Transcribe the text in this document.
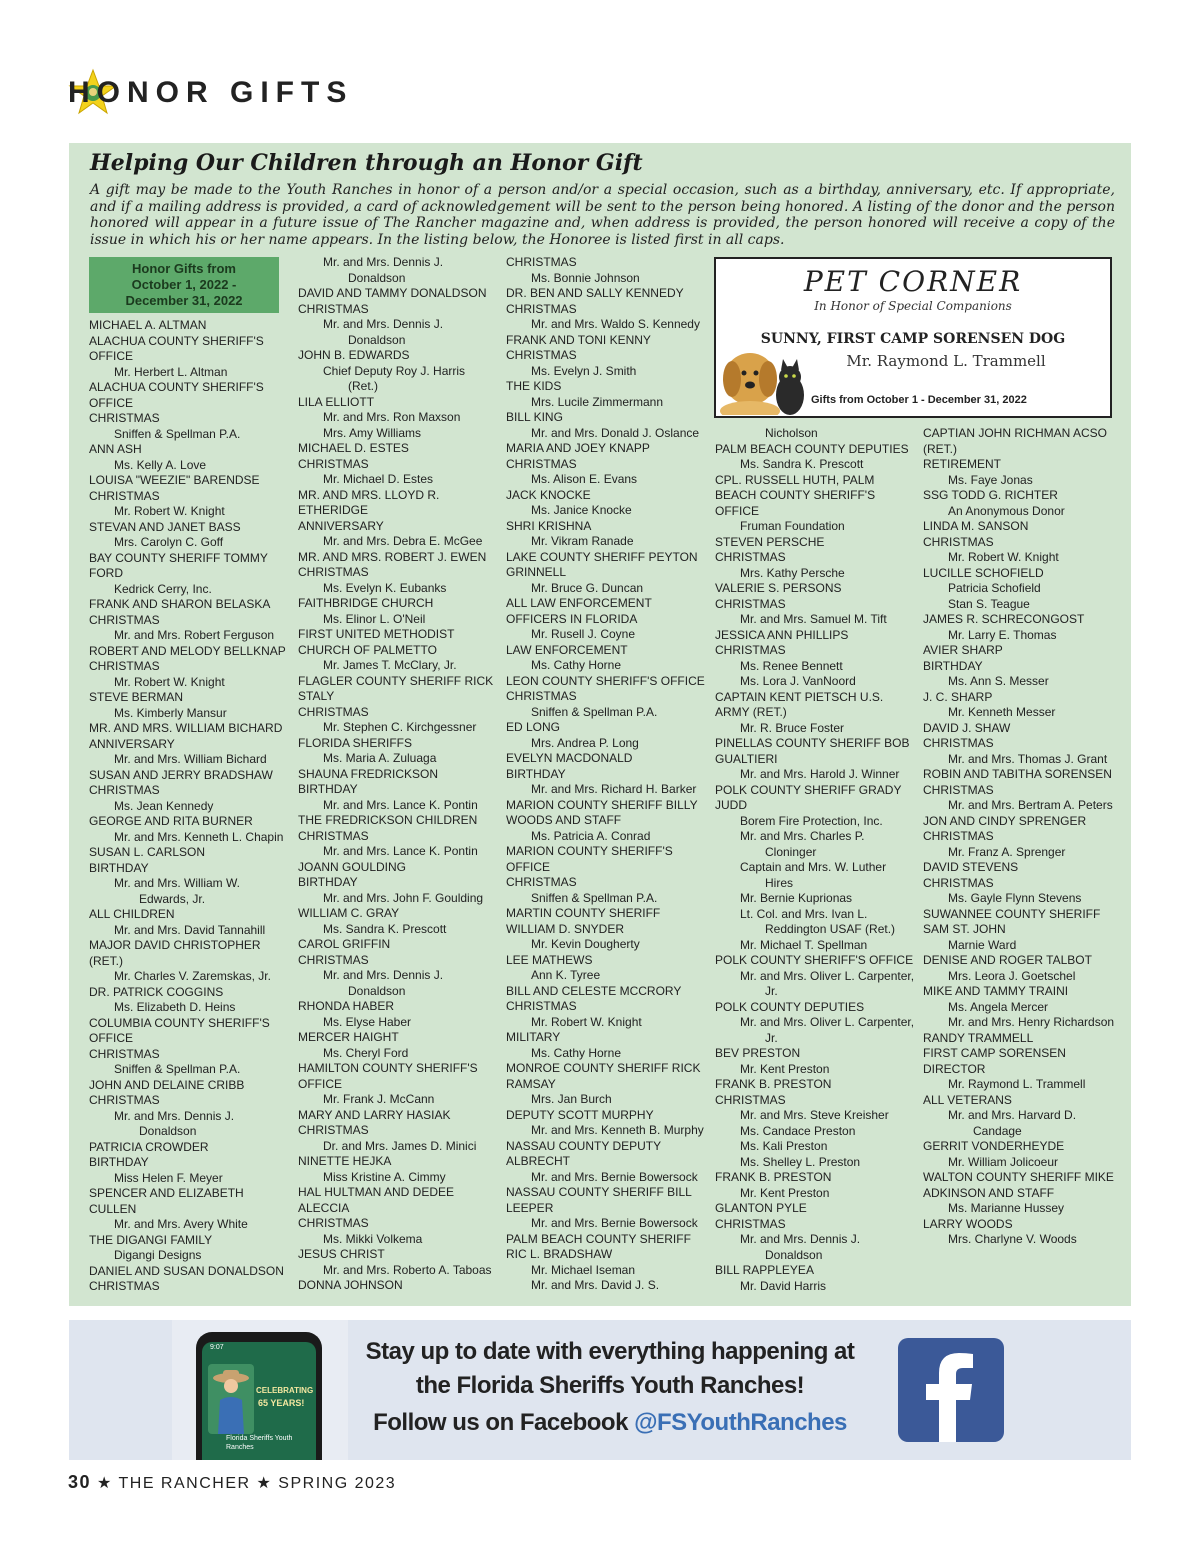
HONOR GIFTS
Helping Our Children through an Honor Gift
A gift may be made to the Youth Ranches in honor of a person and/or a special occasion, such as a birthday, anniversary, etc. If appropriate, and if a mailing address is provided, a card of acknowledgement will be sent to the person being honored. A listing of the donor and the person honored will appear in a future issue of The Rancher magazine and, when address is provided, the person honored will receive a copy of the issue in which his or her name appears. In the listing below, the Honoree is listed first in all caps.
Honor Gifts from
October 1, 2022 -
December 31, 2022
MICHAEL A. ALTMAN
ALACHUA COUNTY SHERIFF'S
OFFICE
Mr. Herbert L. Altman
ALACHUA COUNTY SHERIFF'S
OFFICE
CHRISTMAS
Sniffen & Spellman P.A.
ANN ASH
Ms. Kelly A. Love
LOUISA "WEEZIE" BARENDSE
CHRISTMAS
Mr. Robert W. Knight
STEVAN AND JANET BASS
Mrs. Carolyn C. Goff
BAY COUNTY SHERIFF TOMMY
FORD
Kedrick Cerry, Inc.
FRANK AND SHARON BELASKA
CHRISTMAS
Mr. and Mrs. Robert Ferguson
ROBERT AND MELODY BELLKNAP
CHRISTMAS
Mr. Robert W. Knight
STEVE BERMAN
Ms. Kimberly Mansur
MR. AND MRS. WILLIAM BICHARD
ANNIVERSARY
Mr. and Mrs. William Bichard
SUSAN AND JERRY BRADSHAW
CHRISTMAS
Ms. Jean Kennedy
GEORGE AND RITA BURNER
Mr. and Mrs. Kenneth L. Chapin
SUSAN L. CARLSON
BIRTHDAY
Mr. and Mrs. William W.
Edwards, Jr.
ALL CHILDREN
Mr. and Mrs. David Tannahill
MAJOR DAVID CHRISTOPHER
(RET.)
Mr. Charles V. Zaremskas, Jr.
DR. PATRICK COGGINS
Ms. Elizabeth D. Heins
COLUMBIA COUNTY SHERIFF'S
OFFICE
CHRISTMAS
Sniffen & Spellman P.A.
JOHN AND DELAINE CRIBB
CHRISTMAS
Mr. and Mrs. Dennis J.
Donaldson
PATRICIA CROWDER
BIRTHDAY
Miss Helen F. Meyer
SPENCER AND ELIZABETH
CULLEN
Mr. and Mrs. Avery White
THE DIGANGI FAMILY
Digangi Designs
DANIEL AND SUSAN DONALDSON
CHRISTMAS
Mr. and Mrs. Dennis J.
Donaldson
DAVID AND TAMMY DONALDSON
CHRISTMAS
Mr. and Mrs. Dennis J.
Donaldson
JOHN B. EDWARDS
Chief Deputy Roy J. Harris
(Ret.)
LILA ELLIOTT
Mr. and Mrs. Ron Maxson
Mrs. Amy Williams
MICHAEL D. ESTES
CHRISTMAS
Mr. Michael D. Estes
MR. AND MRS. LLOYD R.
ETHERIDGE
ANNIVERSARY
Mr. and Mrs. Debra E. McGee
MR. AND MRS. ROBERT J. EWEN
CHRISTMAS
Ms. Evelyn K. Eubanks
FAITHBRIDGE CHURCH
Ms. Elinor L. O'Neil
FIRST UNITED METHODIST
CHURCH OF PALMETTO
Mr. James T. McClary, Jr.
FLAGLER COUNTY SHERIFF RICK
STALY
CHRISTMAS
Mr. Stephen C. Kirchgessner
FLORIDA SHERIFFS
Ms. Maria A. Zuluaga
SHAUNA FREDRICKSON
BIRTHDAY
Mr. and Mrs. Lance K. Pontin
THE FREDRICKSON CHILDREN
CHRISTMAS
Mr. and Mrs. Lance K. Pontin
JOANN GOULDING
BIRTHDAY
Mr. and Mrs. John F. Goulding
WILLIAM C. GRAY
Ms. Sandra K. Prescott
CAROL GRIFFIN
CHRISTMAS
Mr. and Mrs. Dennis J.
Donaldson
RHONDA HABER
Ms. Elyse Haber
MERCER HAIGHT
Ms. Cheryl Ford
HAMILTON COUNTY SHERIFF'S
OFFICE
Mr. Frank J. McCann
MARY AND LARRY HASIAK
CHRISTMAS
Dr. and Mrs. James D. Minici
NINETTE HEJKA
Miss Kristine A. Cimmy
HAL HULTMAN AND DEDEE
ALECCIA
CHRISTMAS
Ms. Mikki Volkema
JESUS CHRIST
Mr. and Mrs. Roberto A. Taboas
DONNA JOHNSON
CHRISTMAS
Ms. Bonnie Johnson
DR. BEN AND SALLY KENNEDY
CHRISTMAS
Mr. and Mrs. Waldo S. Kennedy
FRANK AND TONI KENNY
CHRISTMAS
Ms. Evelyn J. Smith
THE KIDS
Mrs. Lucile Zimmermann
BILL KING
Mr. and Mrs. Donald J. Oslance
MARIA AND JOEY KNAPP
CHRISTMAS
Ms. Alison E. Evans
JACK KNOCKE
Ms. Janice Knocke
SHRI KRISHNA
Mr. Vikram Ranade
LAKE COUNTY SHERIFF PEYTON
GRINNELL
Mr. Bruce G. Duncan
ALL LAW ENFORCEMENT
OFFICERS IN FLORIDA
Mr. Rusell J. Coyne
LAW ENFORCEMENT
Ms. Cathy Horne
LEON COUNTY SHERIFF'S OFFICE
CHRISTMAS
Sniffen & Spellman P.A.
ED LONG
Mrs. Andrea P. Long
EVELYN MACDONALD
BIRTHDAY
Mr. and Mrs. Richard H. Barker
MARION COUNTY SHERIFF BILLY
WOODS AND STAFF
Ms. Patricia A. Conrad
MARION COUNTY SHERIFF'S
OFFICE
CHRISTMAS
Sniffen & Spellman P.A.
MARTIN COUNTY SHERIFF
WILLIAM D. SNYDER
Mr. Kevin Dougherty
LEE MATHEWS
Ann K. Tyree
BILL AND CELESTE MCCRORY
CHRISTMAS
Mr. Robert W. Knight
MILITARY
Ms. Cathy Horne
MONROE COUNTY SHERIFF RICK
RAMSAY
Mrs. Jan Burch
DEPUTY SCOTT MURPHY
Mr. and Mrs. Kenneth B. Murphy
NASSAU COUNTY DEPUTY
ALBRECHT
Mr. and Mrs. Bernie Bowersock
NASSAU COUNTY SHERIFF BILL
LEEPER
Mr. and Mrs. Bernie Bowersock
PALM BEACH COUNTY SHERIFF
RIC L. BRADSHAW
Mr. Michael Iseman
Mr. and Mrs. David J. S.
Nicholson
PALM BEACH COUNTY DEPUTIES
Ms. Sandra K. Prescott
CPL. RUSSELL HUTH, PALM
BEACH COUNTY SHERIFF'S
OFFICE
Fruman Foundation
STEVEN PERSCHE
CHRISTMAS
Mrs. Kathy Persche
VALERIE S. PERSONS
CHRISTMAS
Mr. and Mrs. Samuel M. Tift
JESSICA ANN PHILLIPS
CHRISTMAS
Ms. Renee Bennett
Ms. Lora J. VanNoord
CAPTAIN KENT PIETSCH U.S.
ARMY (RET.)
Mr. R. Bruce Foster
PINELLAS COUNTY SHERIFF BOB
GUALTIERI
Mr. and Mrs. Harold J. Winner
POLK COUNTY SHERIFF GRADY
JUDD
Borem Fire Protection, Inc.
Mr. and Mrs. Charles P.
Cloninger
Captain and Mrs. W. Luther
Hires
Mr. Bernie Kuprionas
Lt. Col. and Mrs. Ivan L.
Reddington USAF (Ret.)
Mr. Michael T. Spellman
POLK COUNTY SHERIFF'S OFFICE
Mr. and Mrs. Oliver L. Carpenter,
Jr.
POLK COUNTY DEPUTIES
Mr. and Mrs. Oliver L. Carpenter,
Jr.
BEV PRESTON
Mr. Kent Preston
FRANK B. PRESTON
CHRISTMAS
Mr. and Mrs. Steve Kreisher
Ms. Candace Preston
Ms. Kali Preston
Ms. Shelley L. Preston
FRANK B. PRESTON
Mr. Kent Preston
GLANTON PYLE
CHRISTMAS
Mr. and Mrs. Dennis J.
Donaldson
BILL RAPPLEYEA
Mr. David Harris
CAPTIAN JOHN RICHMAN ACSO
(RET.)
RETIREMENT
Ms. Faye Jonas
SSG TODD G. RICHTER
An Anonymous Donor
LINDA M. SANSON
CHRISTMAS
Mr. Robert W. Knight
LUCILLE SCHOFIELD
Patricia Schofield
Stan S. Teague
JAMES R. SCHRECONGOST
Mr. Larry E. Thomas
AVIER SHARP
BIRTHDAY
Ms. Ann S. Messer
J. C. SHARP
Mr. Kenneth Messer
DAVID J. SHAW
CHRISTMAS
Mr. and Mrs. Thomas J. Grant
ROBIN AND TABITHA SORENSEN
CHRISTMAS
Mr. and Mrs. Bertram A. Peters
JON AND CINDY SPRENGER
CHRISTMAS
Mr. Franz A. Sprenger
DAVID STEVENS
CHRISTMAS
Ms. Gayle Flynn Stevens
SUWANNEE COUNTY SHERIFF
SAM ST. JOHN
Marnie Ward
DENISE AND ROGER TALBOT
Mrs. Leora J. Goetschel
MIKE AND TAMMY TRAINI
Ms. Angela Mercer
Mr. and Mrs. Henry Richardson
RANDY TRAMMELL
FIRST CAMP SORENSEN
DIRECTOR
Mr. Raymond L. Trammell
ALL VETERANS
Mr. and Mrs. Harvard D.
Candage
GERRIT VONDERHEYDE
Mr. William Jolicoeur
WALTON COUNTY SHERIFF MIKE
ADKINSON AND STAFF
Ms. Marianne Hussey
LARRY WOODS
Mrs. Charlyne V. Woods
PET CORNER
In Honor of Special Companions
SUNNY, FIRST CAMP SORENSEN DOG
Mr. Raymond L. Trammell
Gifts from October 1 - December 31, 2022
9:07
CELEBRATING
65 YEARS!
Florida Sheriffs Youth Ranches
Stay up to date with everything happening at
the Florida Sheriffs Youth Ranches!
Follow us on Facebook @FSYouthRanches
30 ★ THE RANCHER ★ SPRING 2023
